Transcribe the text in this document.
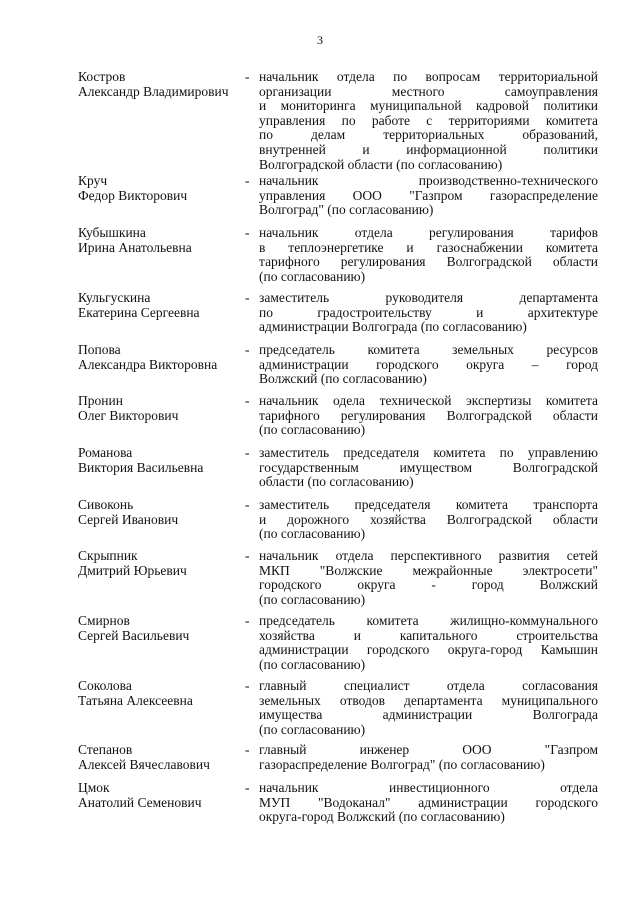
3
Костров
Александр Владимирович
- начальник отдела по вопросам территориальной
организации местного самоуправления
и мониторинга муниципальной кадровой политики
управления по работе с территориями комитета
по делам территориальных образований,
внутренней и информационной политики
Волгоградской области (по согласованию)
Круч
Федор Викторович
- начальник производственно-технического
управления ООО "Газпром газораспределение
Волгоград" (по согласованию)
Кубышкина
Ирина Анатольевна
- начальник отдела регулирования тарифов
в теплоэнергетике и газоснабжении комитета
тарифного регулирования Волгоградской области
(по согласованию)
Кульгускина
Екатерина Сергеевна
- заместитель руководителя департамента
по градостроительству и архитектуре
администрации Волгограда (по согласованию)
Попова
Александра Викторовна
- председатель комитета земельных ресурсов
администрации городского округа – город
Волжский (по согласованию)
Пронин
Олег Викторович
- начальник одела технической экспертизы комитета
тарифного регулирования Волгоградской области
(по согласованию)
Романова
Виктория Васильевна
- заместитель председателя комитета по управлению
государственным имуществом Волгоградской
области (по согласованию)
Сивоконь
Сергей Иванович
- заместитель председателя комитета транспорта
и дорожного хозяйства Волгоградской области
(по согласованию)
Скрыпник
Дмитрий Юрьевич
- начальник отдела перспективного развития сетей
МКП "Волжские межрайонные электросети"
городского округа - город Волжский
(по согласованию)
Смирнов
Сергей Васильевич
- председатель комитета жилищно-коммунального
хозяйства и капитального строительства
администрации городского округа-город Камышин
(по согласованию)
Соколова
Татьяна Алексеевна
- главный специалист отдела согласования
земельных отводов департамента муниципального
имущества администрации Волгограда
(по согласованию)
Степанов
Алексей Вячеславович
- главный инженер ООО "Газпром
газораспределение Волгоград" (по согласованию)
Цмок
Анатолий Семенович
- начальник инвестиционного отдела
МУП "Водоканал" администрации городского
округа-город Волжский (по согласованию)
